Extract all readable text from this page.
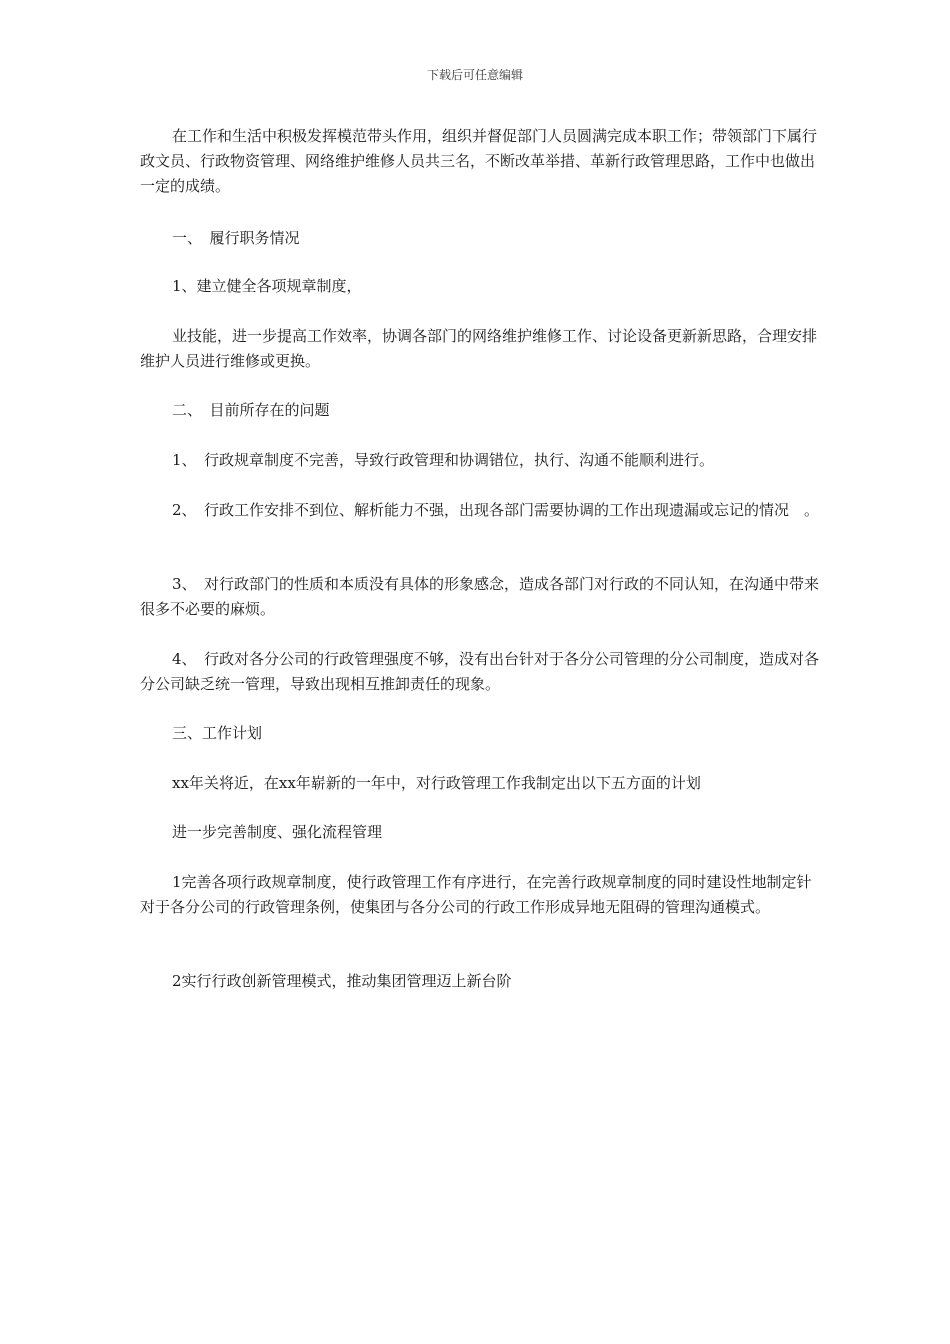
下载后可任意编辑

在工作和生活中积极发挥模范带头作用，组织并督促部门人员圆满完成本职工作；带领部门下属行政文员、行政物资管理、网络维护维修人员共三名，不断改革举措、革新行政管理思路，工作中也做出一定的成绩。

一、　履行职务情况

1、建立健全各项规章制度，

业技能，进一步提高工作效率，协调各部门的网络维护维修工作、讨论设备更新新思路，合理安排维护人员进行维修或更换。

二、　目前所存在的问题

1、　行政规章制度不完善，导致行政管理和协调错位，执行、沟通不能顺利进行。

2、　行政工作安排不到位、解析能力不强，出现各部门需要协调的工作出现遗漏或忘记的情况　。

3、　对行政部门的性质和本质没有具体的形象感念，造成各部门对行政的不同认知，在沟通中带来很多不必要的麻烦。

4、　行政对各分公司的行政管理强度不够，没有出台针对于各分公司管理的分公司制度，造成对各分公司缺乏统一管理，导致出现相互推卸责任的现象。

三、工作计划

xx年关将近，在xx年崭新的一年中，对行政管理工作我制定出以下五方面的计划

进一步完善制度、强化流程管理

1完善各项行政规章制度，使行政管理工作有序进行，在完善行政规章制度的同时建设性地制定针对于各分公司的行政管理条例，使集团与各分公司的行政工作形成异地无阻碍的管理沟通模式。

2实行行政创新管理模式，推动集团管理迈上新台阶
